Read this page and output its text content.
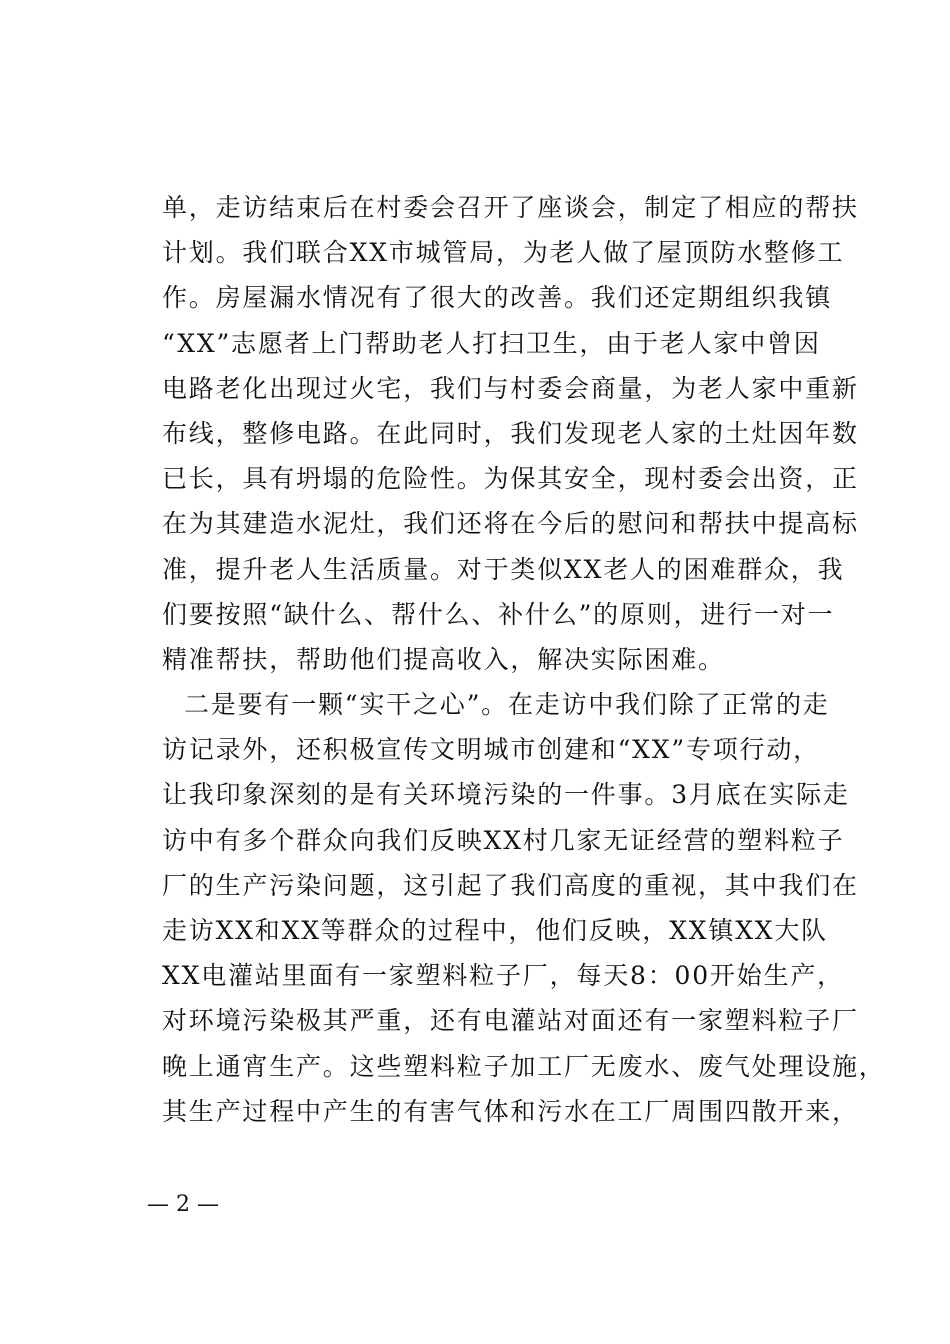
单，走访结束后在村委会召开了座谈会，制定了相应的帮扶
计划。我们联合XX市城管局，为老人做了屋顶防水整修工
作。房屋漏水情况有了很大的改善。我们还定期组织我镇
“XX”志愿者上门帮助老人打扫卫生，由于老人家中曾因
电路老化出现过火宅，我们与村委会商量，为老人家中重新
布线，整修电路。在此同时，我们发现老人家的土灶因年数
已长，具有坍塌的危险性。为保其安全，现村委会出资，正
在为其建造水泥灶，我们还将在今后的慰问和帮扶中提高标
准，提升老人生活质量。对于类似XX老人的困难群众，我
们要按照“缺什么、帮什么、补什么”的原则，进行一对一
精准帮扶，帮助他们提高收入，解决实际困难。
二是要有一颗“实干之心”。在走访中我们除了正常的走
访记录外，还积极宣传文明城市创建和“XX”专项行动，
让我印象深刻的是有关环境污染的一件事。3月底在实际走
访中有多个群众向我们反映XX村几家无证经营的塑料粒子
厂的生产污染问题，这引起了我们高度的重视，其中我们在
走访XX和XX等群众的过程中，他们反映，XX镇XX大队
XX电灌站里面有一家塑料粒子厂，每天8：00开始生产，
对环境污染极其严重，还有电灌站对面还有一家塑料粒子厂
晚上通宵生产。这些塑料粒子加工厂无废水、废气处理设施，
其生产过程中产生的有害气体和污水在工厂周围四散开来，
— 2 —
